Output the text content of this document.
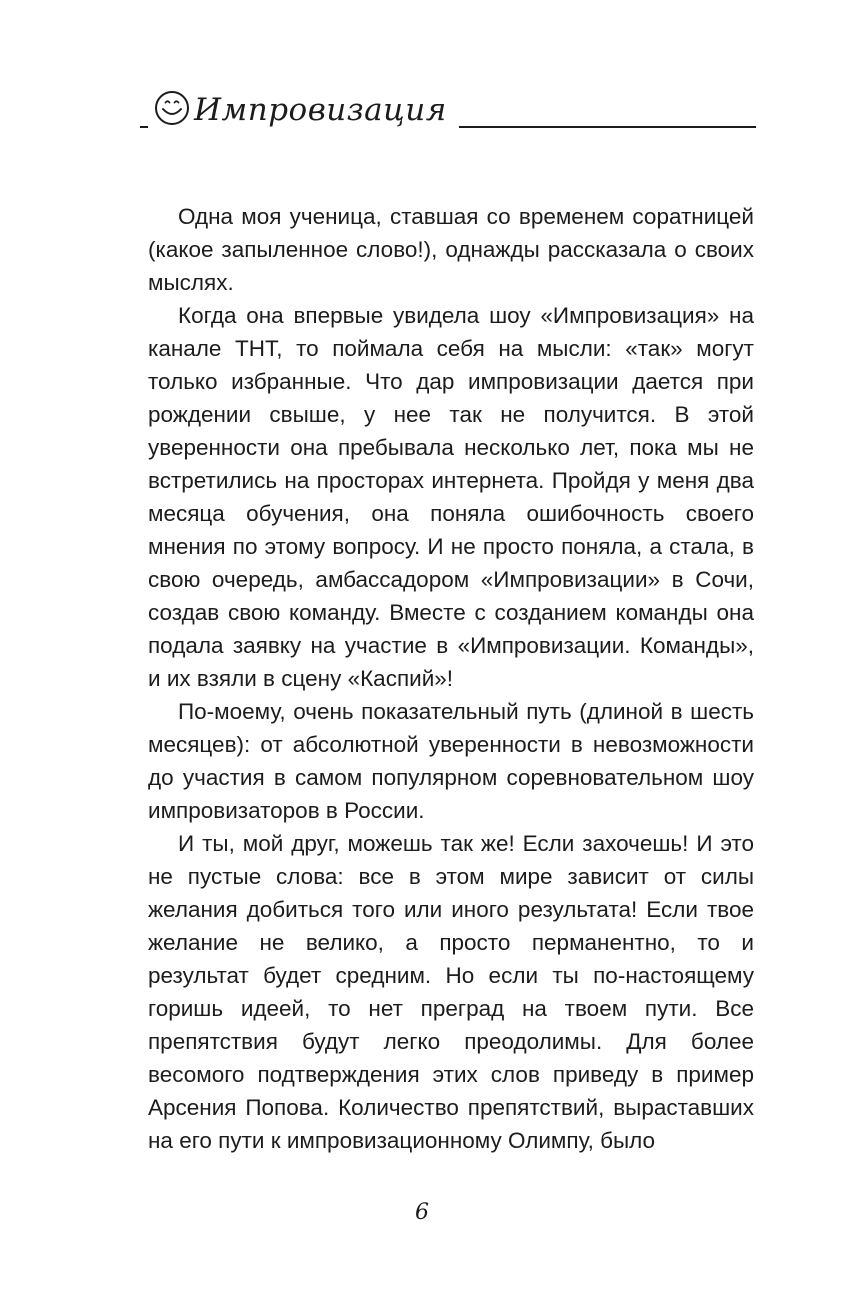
Импровизация

Одна моя ученица, ставшая со временем соратницей (какое запыленное слово!), однажды рассказала о своих мыслях.

Когда она впервые увидела шоу «Импровизация» на канале ТНТ, то поймала себя на мысли: «так» могут только избранные. Что дар импровизации дается при рождении свыше, у нее так не получится. В этой уверенности она пребывала несколько лет, пока мы не встретились на просторах интернета. Пройдя у меня два месяца обучения, она поняла ошибочность своего мнения по этому вопросу. И не просто поняла, а стала, в свою очередь, амбассадором «Импровизации» в Сочи, создав свою команду. Вместе с созданием команды она подала заявку на участие в «Импровизации. Команды», и их взяли в сцену «Каспий»!

По-моему, очень показательный путь (длиной в шесть месяцев): от абсолютной уверенности в невозможности до участия в самом популярном соревновательном шоу импровизаторов в России.

И ты, мой друг, можешь так же! Если захочешь! И это не пустые слова: все в этом мире зависит от силы желания добиться того или иного результата! Если твое желание не велико, а просто перманентно, то и результат будет средним. Но если ты по-настоящему горишь идеей, то нет преград на твоем пути. Все препятствия будут легко преодолимы. Для более весомого подтверждения этих слов приведу в пример Арсения Попова. Количество препятствий, выраставших на его пути к импровизационному Олимпу, было

6
